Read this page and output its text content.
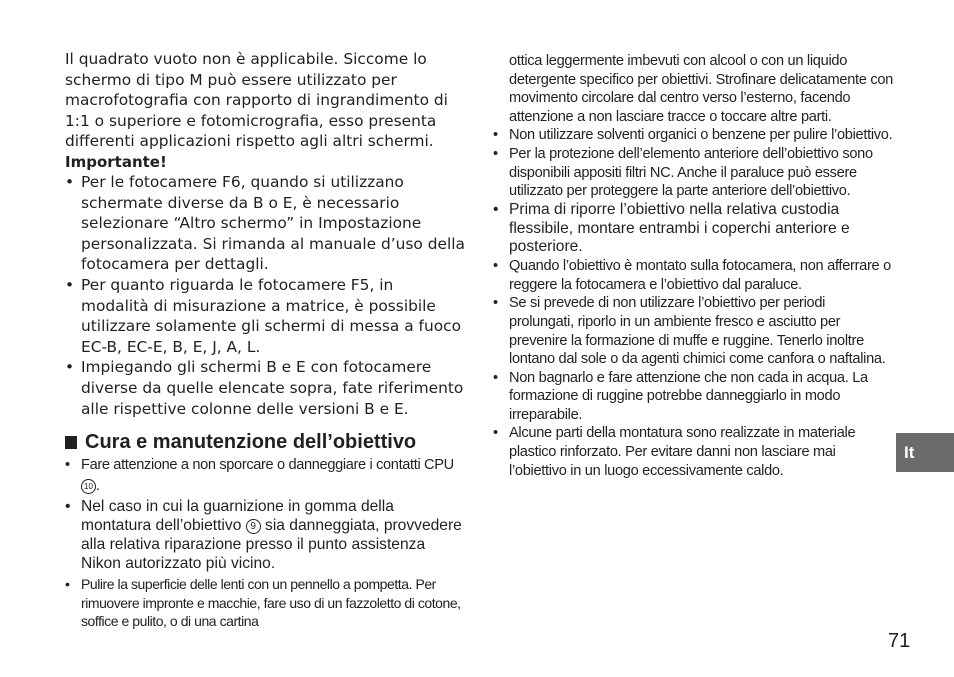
Il quadrato vuoto non è applicabile. Siccome lo schermo di tipo M può essere utilizzato per macrofotografia con rapporto di ingrandimento di 1:1 o superiore e fotomicrografia, esso presenta differenti applicazioni rispetto agli altri schermi.

Importante!

• Per le fotocamere F6, quando si utilizzano schermate diverse da B o E, è necessario selezionare “Altro schermo” in Impostazione personalizzata. Si rimanda al manuale d’uso della fotocamera per dettagli.
• Per quanto riguarda le fotocamere F5, in modalità di misurazione a matrice, è possibile utilizzare solamente gli schermi di messa a fuoco EC-B, EC-E, B, E, J, A, L.
• Impiegando gli schermi B e E con fotocamere diverse da quelle elencate sopra, fate riferimento alle rispettive colonne delle versioni B e E.
Cura e manutenzione dell’obiettivo
• Fare attenzione a non sporcare o danneggiare i contatti CPU 10 .
• Nel caso in cui la guarnizione in gomma della montatura dell’obiettivo 9 sia danneggiata, provvedere alla relativa riparazione presso il punto assistenza Nikon autorizzato più vicino.
• Pulire la superficie delle lenti con un pennello a pompetta. Per rimuovere impronte e macchie, fare uso di un fazzoletto di cotone, soffice e pulito, o di una cartina

ottica leggermente imbevuti con alcool o con un liquido detergente specifico per obiettivi. Strofinare delicatamente con movimento circolare dal centro verso l’esterno, facendo attenzione a non lasciare tracce o toccare altre parti.

• Non utilizzare solventi organici o benzene per pulire l’obiettivo.
• Per la protezione dell’elemento anteriore dell’obiettivo sono disponibili appositi filtri NC. Anche il paraluce può essere utilizzato per proteggere la parte anteriore dell’obiettivo.
• Prima di riporre l’obiettivo nella relativa custodia flessibile, montare entrambi i coperchi anteriore e posteriore.
• Quando l’obiettivo è montato sulla fotocamera, non afferrare o reggere la fotocamera e l’obiettivo dal paraluce.
• Se si prevede di non utilizzare l’obiettivo per periodi prolungati, riporlo in un ambiente fresco e asciutto per prevenire la formazione di muffe e ruggine. Tenerlo inoltre lontano dal sole o da agenti chimici come canfora o naftalina.
• Non bagnarlo e fare attenzione che non cada in acqua. La formazione di ruggine potrebbe danneggiarlo in modo irreparabile.
• Alcune parti della montatura sono realizzate in materiale plastico rinforzato. Per evitare danni non lasciare mai l’obiettivo in un luogo eccessivamente caldo.
It
71
